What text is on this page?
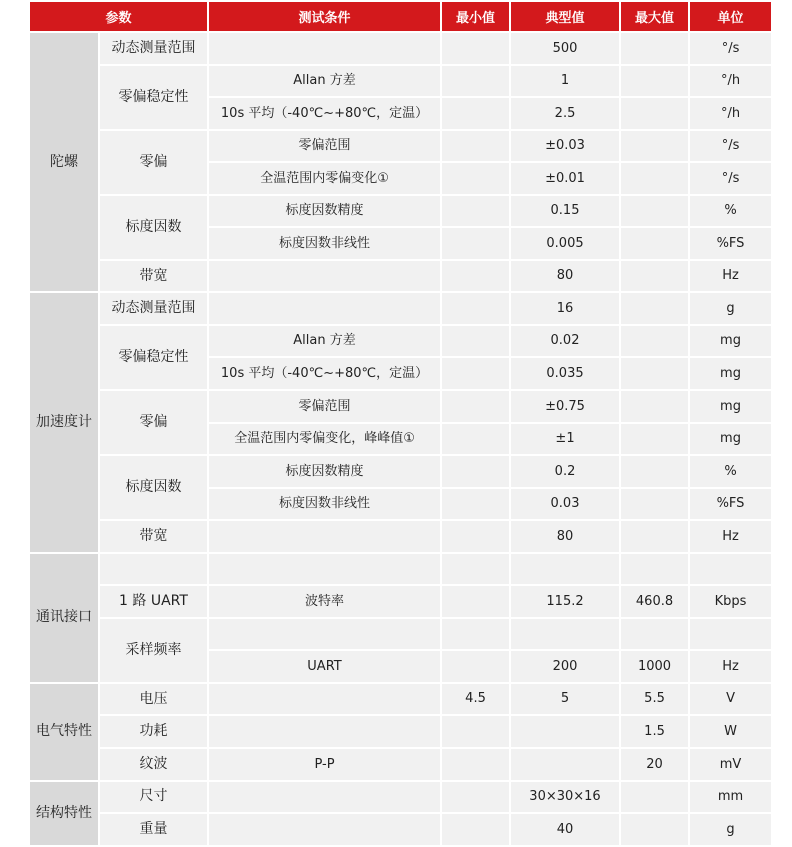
参数		测试条件	最小值	典型值	最大值	单位
陀螺	动态测量范围			500		°/s
	零偏稳定性	Allan 方差		1		°/h
		10s 平均（-40℃~+80℃，定温）		2.5		°/h
	零偏	零偏范围		±0.03		°/s
		全温范围内零偏变化①		±0.01		°/s
	标度因数	标度因数精度		0.15		%
		标度因数非线性		0.005		%FS
	带宽			80		Hz
加速度计	动态测量范围			16		g
	零偏稳定性	Allan 方差		0.02		mg
		10s 平均（-40℃~+80℃，定温）		0.035		mg
	零偏	零偏范围		±0.75		mg
		全温范围内零偏变化，峰峰值①		±1		mg
	标度因数	标度因数精度		0.2		%
		标度因数非线性		0.03		%FS
	带宽			80		Hz
通讯接口						
	1 路 UART	波特率		115.2	460.8	Kbps
	采样频率					
		UART		200	1000	Hz
电气特性	电压		4.5	5	5.5	V
	功耗				1.5	W
	纹波	P-P			20	mV
结构特性	尺寸			30×30×16		mm
	重量			40		g
